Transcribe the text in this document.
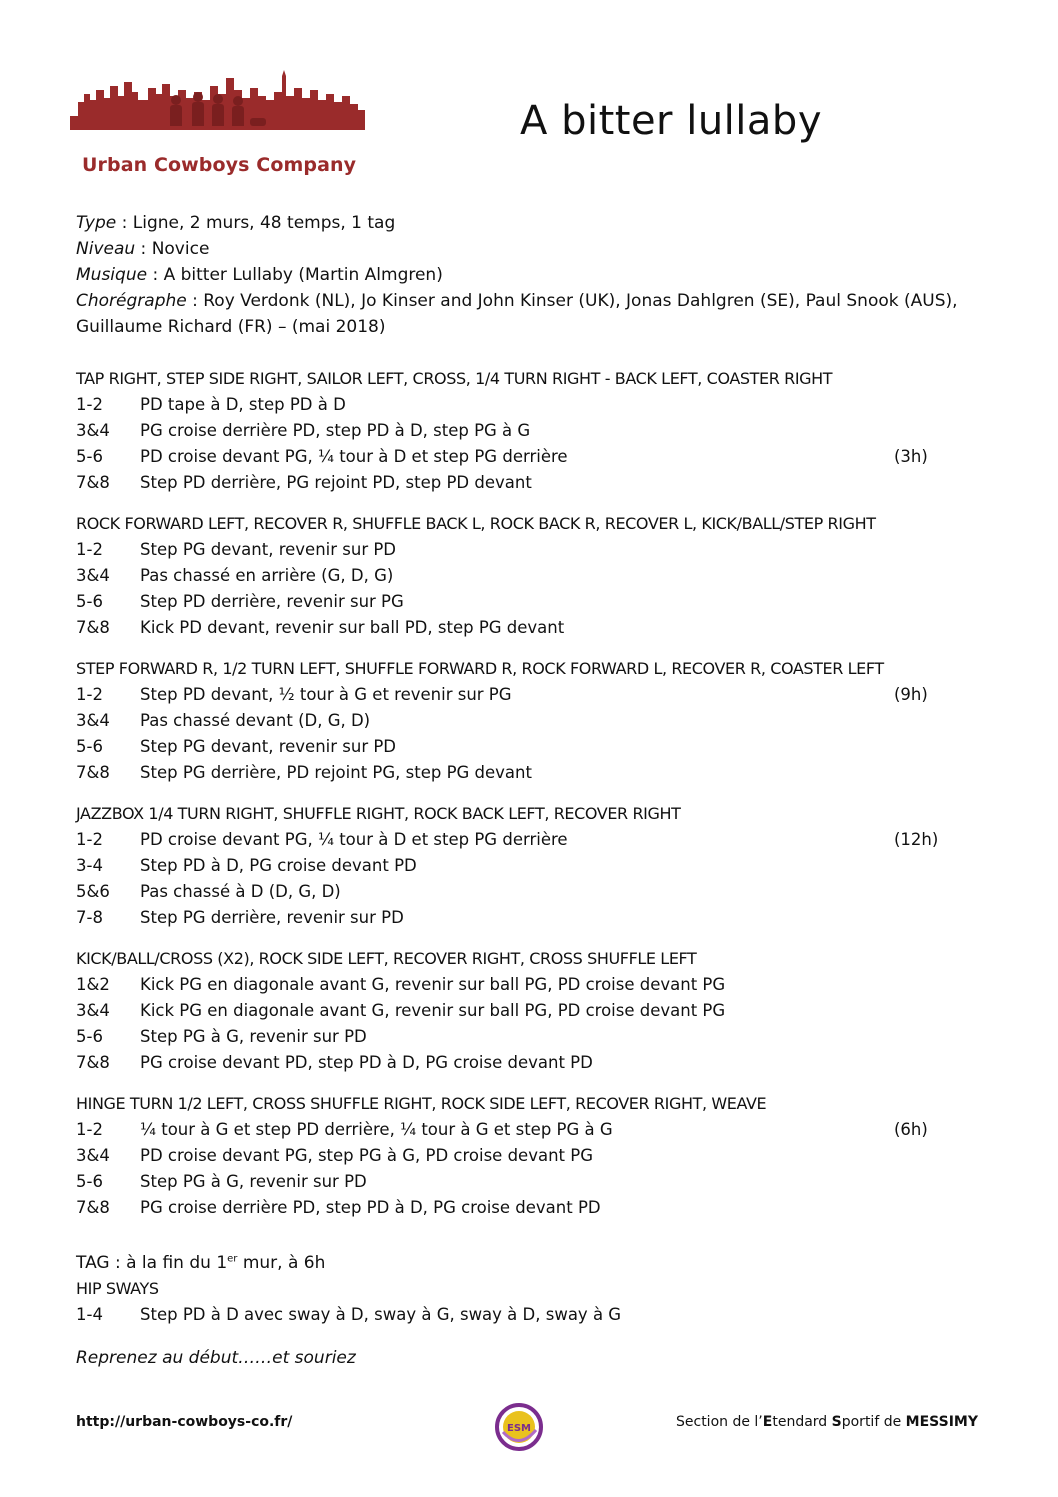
Urban Cowboys Company
A bitter lullaby
Type : Ligne, 2 murs, 48 temps, 1 tag
Niveau : Novice
Musique : A bitter Lullaby (Martin Almgren)
Chorégraphe : Roy Verdonk (NL), Jo Kinser and John Kinser (UK), Jonas Dahlgren (SE), Paul Snook (AUS), Guillaume Richard (FR) – (mai 2018)
TAP RIGHT, STEP SIDE RIGHT, SAILOR LEFT, CROSS, 1/4 TURN RIGHT - BACK LEFT, COASTER RIGHT
1-2 PD tape à D, step PD à D
3&4 PG croise derrière PD, step PD à D, step PG à G
5-6 PD croise devant PG, ¼ tour à D et step PG derrière	(3h)
7&8 Step PD derrière, PG rejoint PD, step PD devant
ROCK FORWARD LEFT, RECOVER R, SHUFFLE BACK L, ROCK BACK R, RECOVER L, KICK/BALL/STEP RIGHT
1-2 Step PG devant, revenir sur PD
3&4 Pas chassé en arrière (G, D, G)
5-6 Step PD derrière, revenir sur PG
7&8 Kick PD devant, revenir sur ball PD, step PG devant
STEP FORWARD R, 1/2 TURN LEFT, SHUFFLE FORWARD R, ROCK FORWARD L, RECOVER R, COASTER LEFT
1-2 Step PD devant, ½ tour à G et revenir sur PG	(9h)
3&4 Pas chassé devant (D, G, D)
5-6 Step PG devant, revenir sur PD
7&8 Step PG derrière, PD rejoint PG, step PG devant
JAZZBOX 1/4 TURN RIGHT, SHUFFLE RIGHT, ROCK BACK LEFT, RECOVER RIGHT
1-2 PD croise devant PG, ¼ tour à D et step PG derrière	(12h)
3-4 Step PD à D, PG croise devant PD
5&6 Pas chassé à D (D, G, D)
7-8 Step PG derrière, revenir sur PD
KICK/BALL/CROSS (X2), ROCK SIDE LEFT, RECOVER RIGHT, CROSS SHUFFLE LEFT
1&2 Kick PG en diagonale avant G, revenir sur ball PG, PD croise devant PG
3&4 Kick PG en diagonale avant G, revenir sur ball PG, PD croise devant PG
5-6 Step PG à G, revenir sur PD
7&8 PG croise devant PD, step PD à D, PG croise devant PD
HINGE TURN 1/2 LEFT, CROSS SHUFFLE RIGHT, ROCK SIDE LEFT, RECOVER RIGHT, WEAVE
1-2 ¼ tour à G et step PD derrière, ¼ tour à G et step PG à G	(6h)
3&4 PD croise devant PG, step PG à G, PD croise devant PG
5-6 Step PG à G, revenir sur PD
7&8 PG croise derrière PD, step PD à D, PG croise devant PD
TAG : à la fin du 1er mur, à 6h
HIP SWAYS
1-4 Step PD à D avec sway à D, sway à G, sway à D, sway à G
Reprenez au début……et souriez
http://urban-cowboys-co.fr/	ESM	Section de l’Etendard Sportif de MESSIMY
